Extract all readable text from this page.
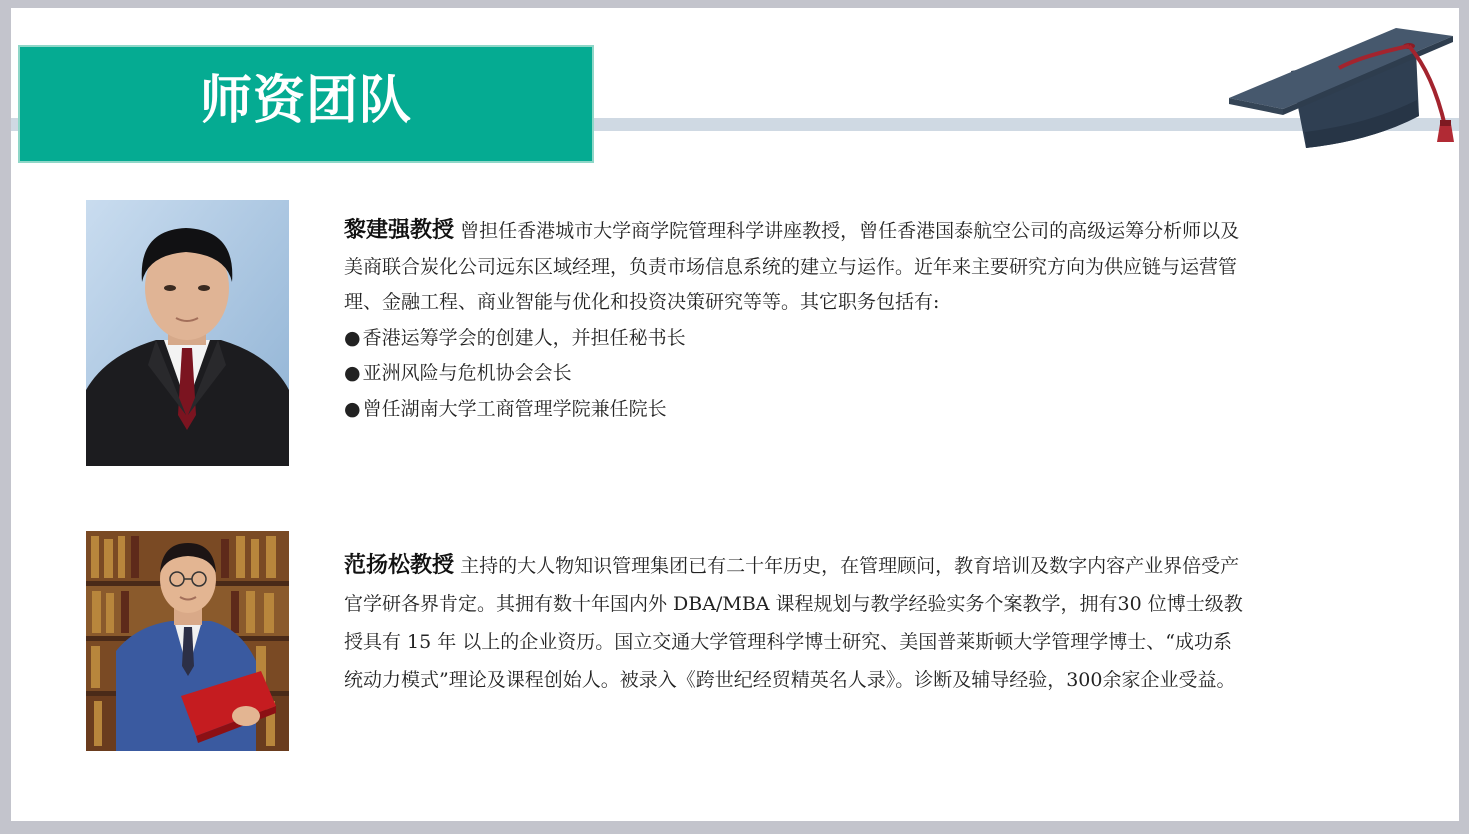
师资团队

黎建强教授 曾担任香港城市大学商学院管理科学讲座教授，曾任香港国泰航空公司的高级运筹分析师以及美商联合炭化公司远东区域经理，负责市场信息系统的建立与运作。近年来主要研究方向为供应链与运营管理、金融工程、商业智能与优化和投资决策研究等等。其它职务包括有:

● 香港运筹学会的创建人，并担任秘书长
● 亚洲风险与危机协会会长
● 曾任湖南大学工商管理学院兼任院长

范扬松教授 主持的大人物知识管理集团已有二十年历史，在管理顾问，教育培训及数字内容产业界倍受产官学研各界肯定。其拥有数十年国内外 DBA/MBA 课程规划与教学经验实务个案教学，拥有30 位博士级教授具有 15 年 以上的企业资历。国立交通大学管理科学博士研究、美国普莱斯顿大学管理学博士、“成功系统动力模式”理论及课程创始人。被录入《跨世纪经贸精英名人录》。诊断及辅导经验，300余家企业受益。
